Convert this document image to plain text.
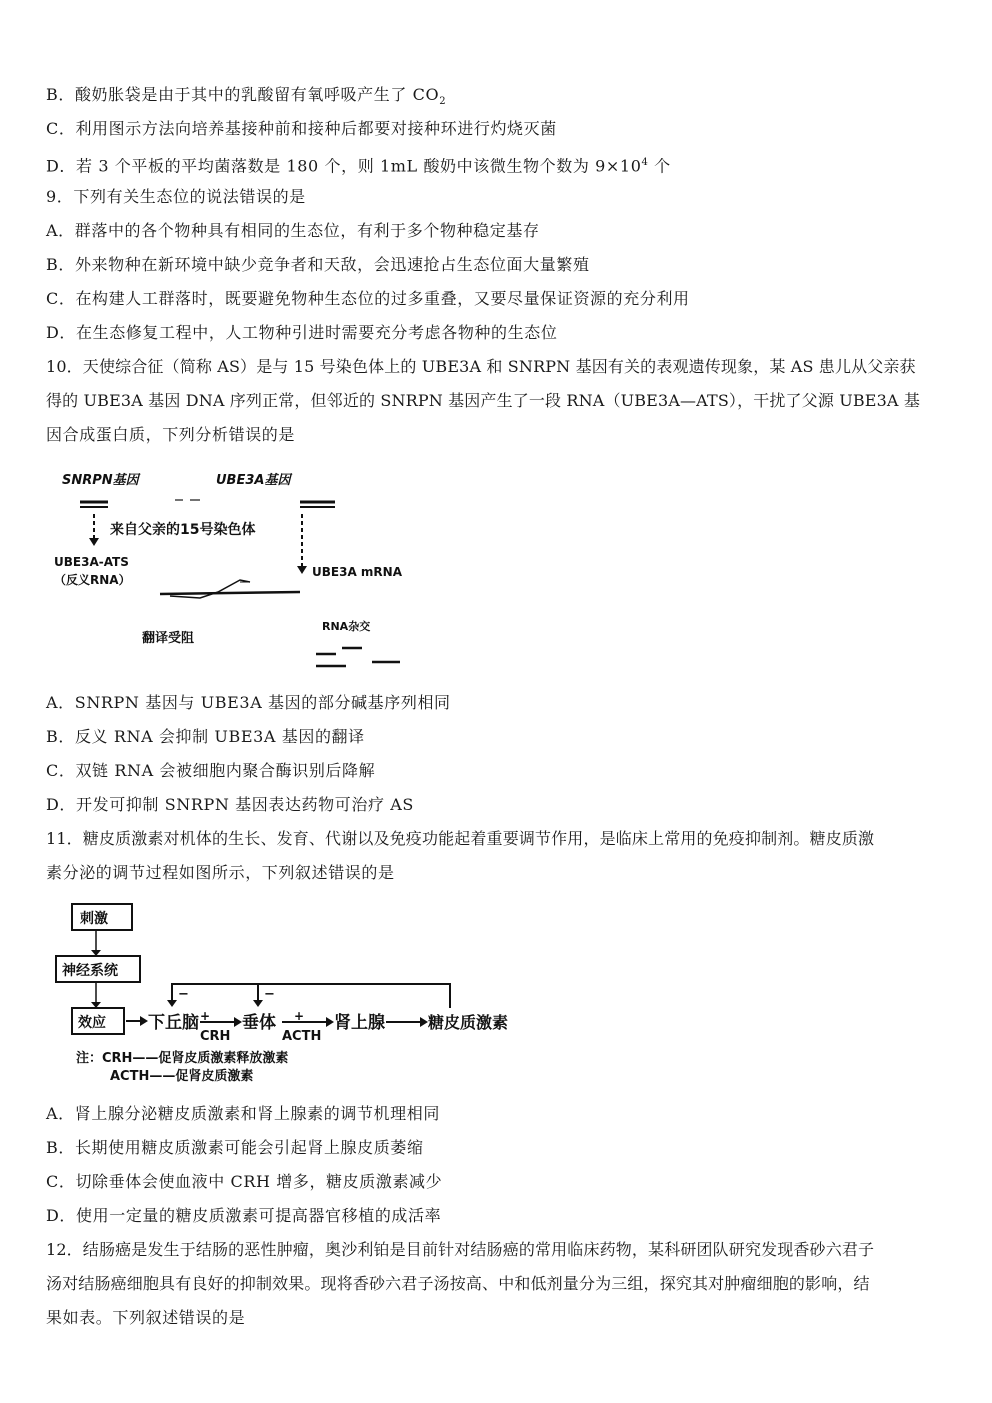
B．酸奶胀袋是由于其中的乳酸留有氧呼吸产生了 $CO_2$
C．利用图示方法向培养基接种前和接种后都要对接种环进行灼烧灭菌
D．若 3 个平板的平均菌落数是 180 个，则 1mL 酸奶中该微生物个数为 $9\times 10^4$ 个
9．下列有关生态位的说法错误的是
A．群落中的各个物种具有相同的生态位，有利于多个物种稳定基存
B．外来物种在新环境中缺少竞争者和天敌，会迅速抢占生态位面大量繁殖
C．在构建人工群落时，既要避免物种生态位的过多重叠，又要尽量保证资源的充分利用
D．在生态修复工程中，人工物种引进时需要充分考虑各物种的生态位
10．天使综合征（简称 AS）是与 15 号染色体上的 UBE3A 和 SNRPN 基因有关的表观遗传现象，某 AS 患儿从父亲获
得的 UBE3A 基因 DNA 序列正常，但邻近的 SNRPN 基因产生了一段 RNA（UBE3A—ATS），干扰了父源 UBE3A 基
因合成蛋白质，下列分析错误的是
SNRPN基因	UBE3A基因
来自父亲的15号染色体
UBE3A mRNA
UBE3A-ATS
（反义RNA）
翻译受阻
RNA杂交
A．SNRPN 基因与 UBE3A 基因的部分碱基序列相同
B．反义 RNA 会抑制 UBE3A 基因的翻译
C．双链 RNA 会被细胞内聚合酶识别后降解
D．开发可抑制 SNRPN 基因表达药物可治疗 AS
11．糖皮质激素对机体的生长、发育、代谢以及免疫功能起着重要调节作用，是临床上常用的免疫抑制剂。糖皮质激
素分泌的调节过程如图所示，下列叙述错误的是
刺激
神经系统
效应 下丘脑 +
CRH
垂体 +
ACTH
肾上腺	糖皮质激素
−	−
注：CRH——促肾皮质激素释放激素
ACTH——促肾皮质激素
A．肾上腺分泌糖皮质激素和肾上腺素的调节机理相同
B．长期使用糖皮质激素可能会引起肾上腺皮质萎缩
C．切除垂体会使血液中 CRH 增多，糖皮质激素减少
D．使用一定量的糖皮质激素可提高器官移植的成活率
12．结肠癌是发生于结肠的恶性肿瘤，奥沙利铂是目前针对结肠癌的常用临床药物，某科研团队研究发现香砂六君子
汤对结肠癌细胞具有良好的抑制效果。现将香砂六君子汤按高、中和低剂量分为三组，探究其对肿瘤细胞的影响，结
果如表。下列叙述错误的是
